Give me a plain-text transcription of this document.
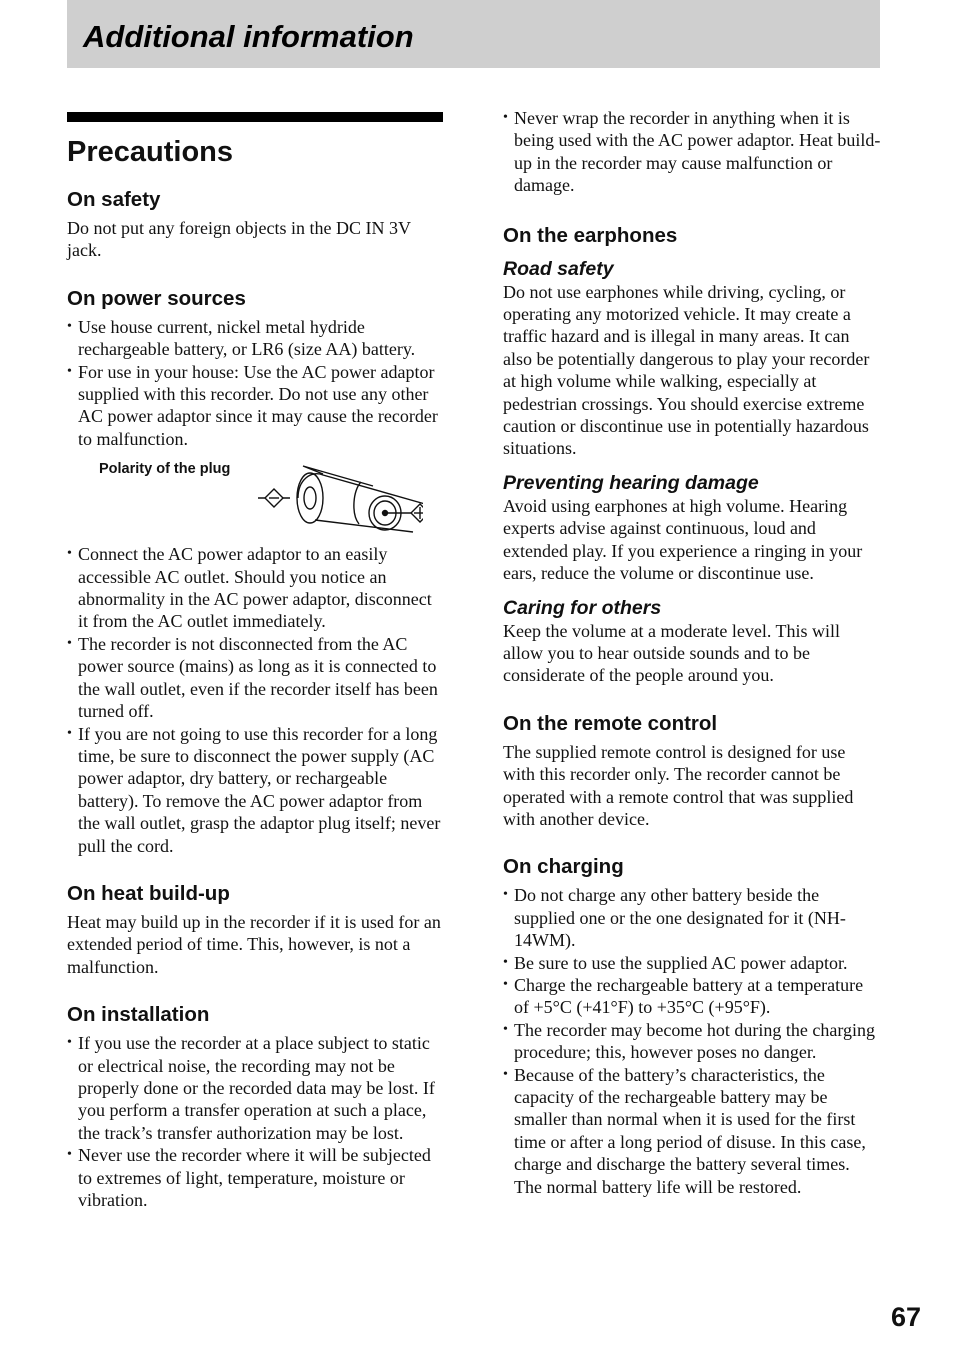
Additional information
Precautions
On safety

Do not put any foreign objects in the DC IN 3V jack.

On power sources
• Use house current, nickel metal hydride rechargeable battery, or LR6 (size AA) battery.
• For use in your house: Use the AC power adaptor supplied with this recorder. Do not use any other AC power adaptor since it may cause the recorder to malfunction.
Polarity of the plug
• Connect the AC power adaptor to an easily accessible AC outlet. Should you notice an abnormality in the AC power adaptor, disconnect it from the AC outlet immediately.
• The recorder is not disconnected from the AC power source (mains) as long as it is connected to the wall outlet, even if the recorder itself has been turned off.
• If you are not going to use this recorder for a long time, be sure to disconnect the power supply (AC power adaptor, dry battery, or rechargeable battery). To remove the AC power adaptor from the wall outlet, grasp the adaptor plug itself; never pull the cord.
On heat build-up

Heat may build up in the recorder if it is used for an extended period of time. This, however, is not a malfunction.

On installation
• If you use the recorder at a place subject to static or electrical noise, the recording may not be properly done or the recorded data may be lost. If you perform a transfer operation at such a place, the track’s transfer authorization may be lost.
• Never use the recorder where it will be subjected to extremes of light, temperature, moisture or vibration.
• Never wrap the recorder in anything when it is being used with the AC power adaptor. Heat build-up in the recorder may cause malfunction or damage.
On the earphones
Road safety

Do not use earphones while driving, cycling, or operating any motorized vehicle. It may create a traffic hazard and is illegal in many areas. It can also be potentially dangerous to play your recorder at high volume while walking, especially at pedestrian crossings. You should exercise extreme caution or discontinue use in potentially hazardous situations.

Preventing hearing damage

Avoid using earphones at high volume. Hearing experts advise against continuous, loud and extended play. If you experience a ringing in your ears, reduce the volume or discontinue use.

Caring for others

Keep the volume at a moderate level. This will allow you to hear outside sounds and to be considerate of the people around you.

On the remote control

The supplied remote control is designed for use with this recorder only. The recorder cannot be operated with a remote control that was supplied with another device.

On charging
• Do not charge any other battery beside the supplied one or the one designated for it (NH-14WM).
• Be sure to use the supplied AC power adaptor.
• Charge the rechargeable battery at a temperature of +5°C (+41°F) to +35°C (+95°F).
• The recorder may become hot during the charging procedure; this, however poses no danger.
• Because of the battery’s characteristics, the capacity of the rechargeable battery may be smaller than normal when it is used for the first time or after a long period of disuse. In this case, charge and discharge the battery several times. The normal battery life will be restored.
67
